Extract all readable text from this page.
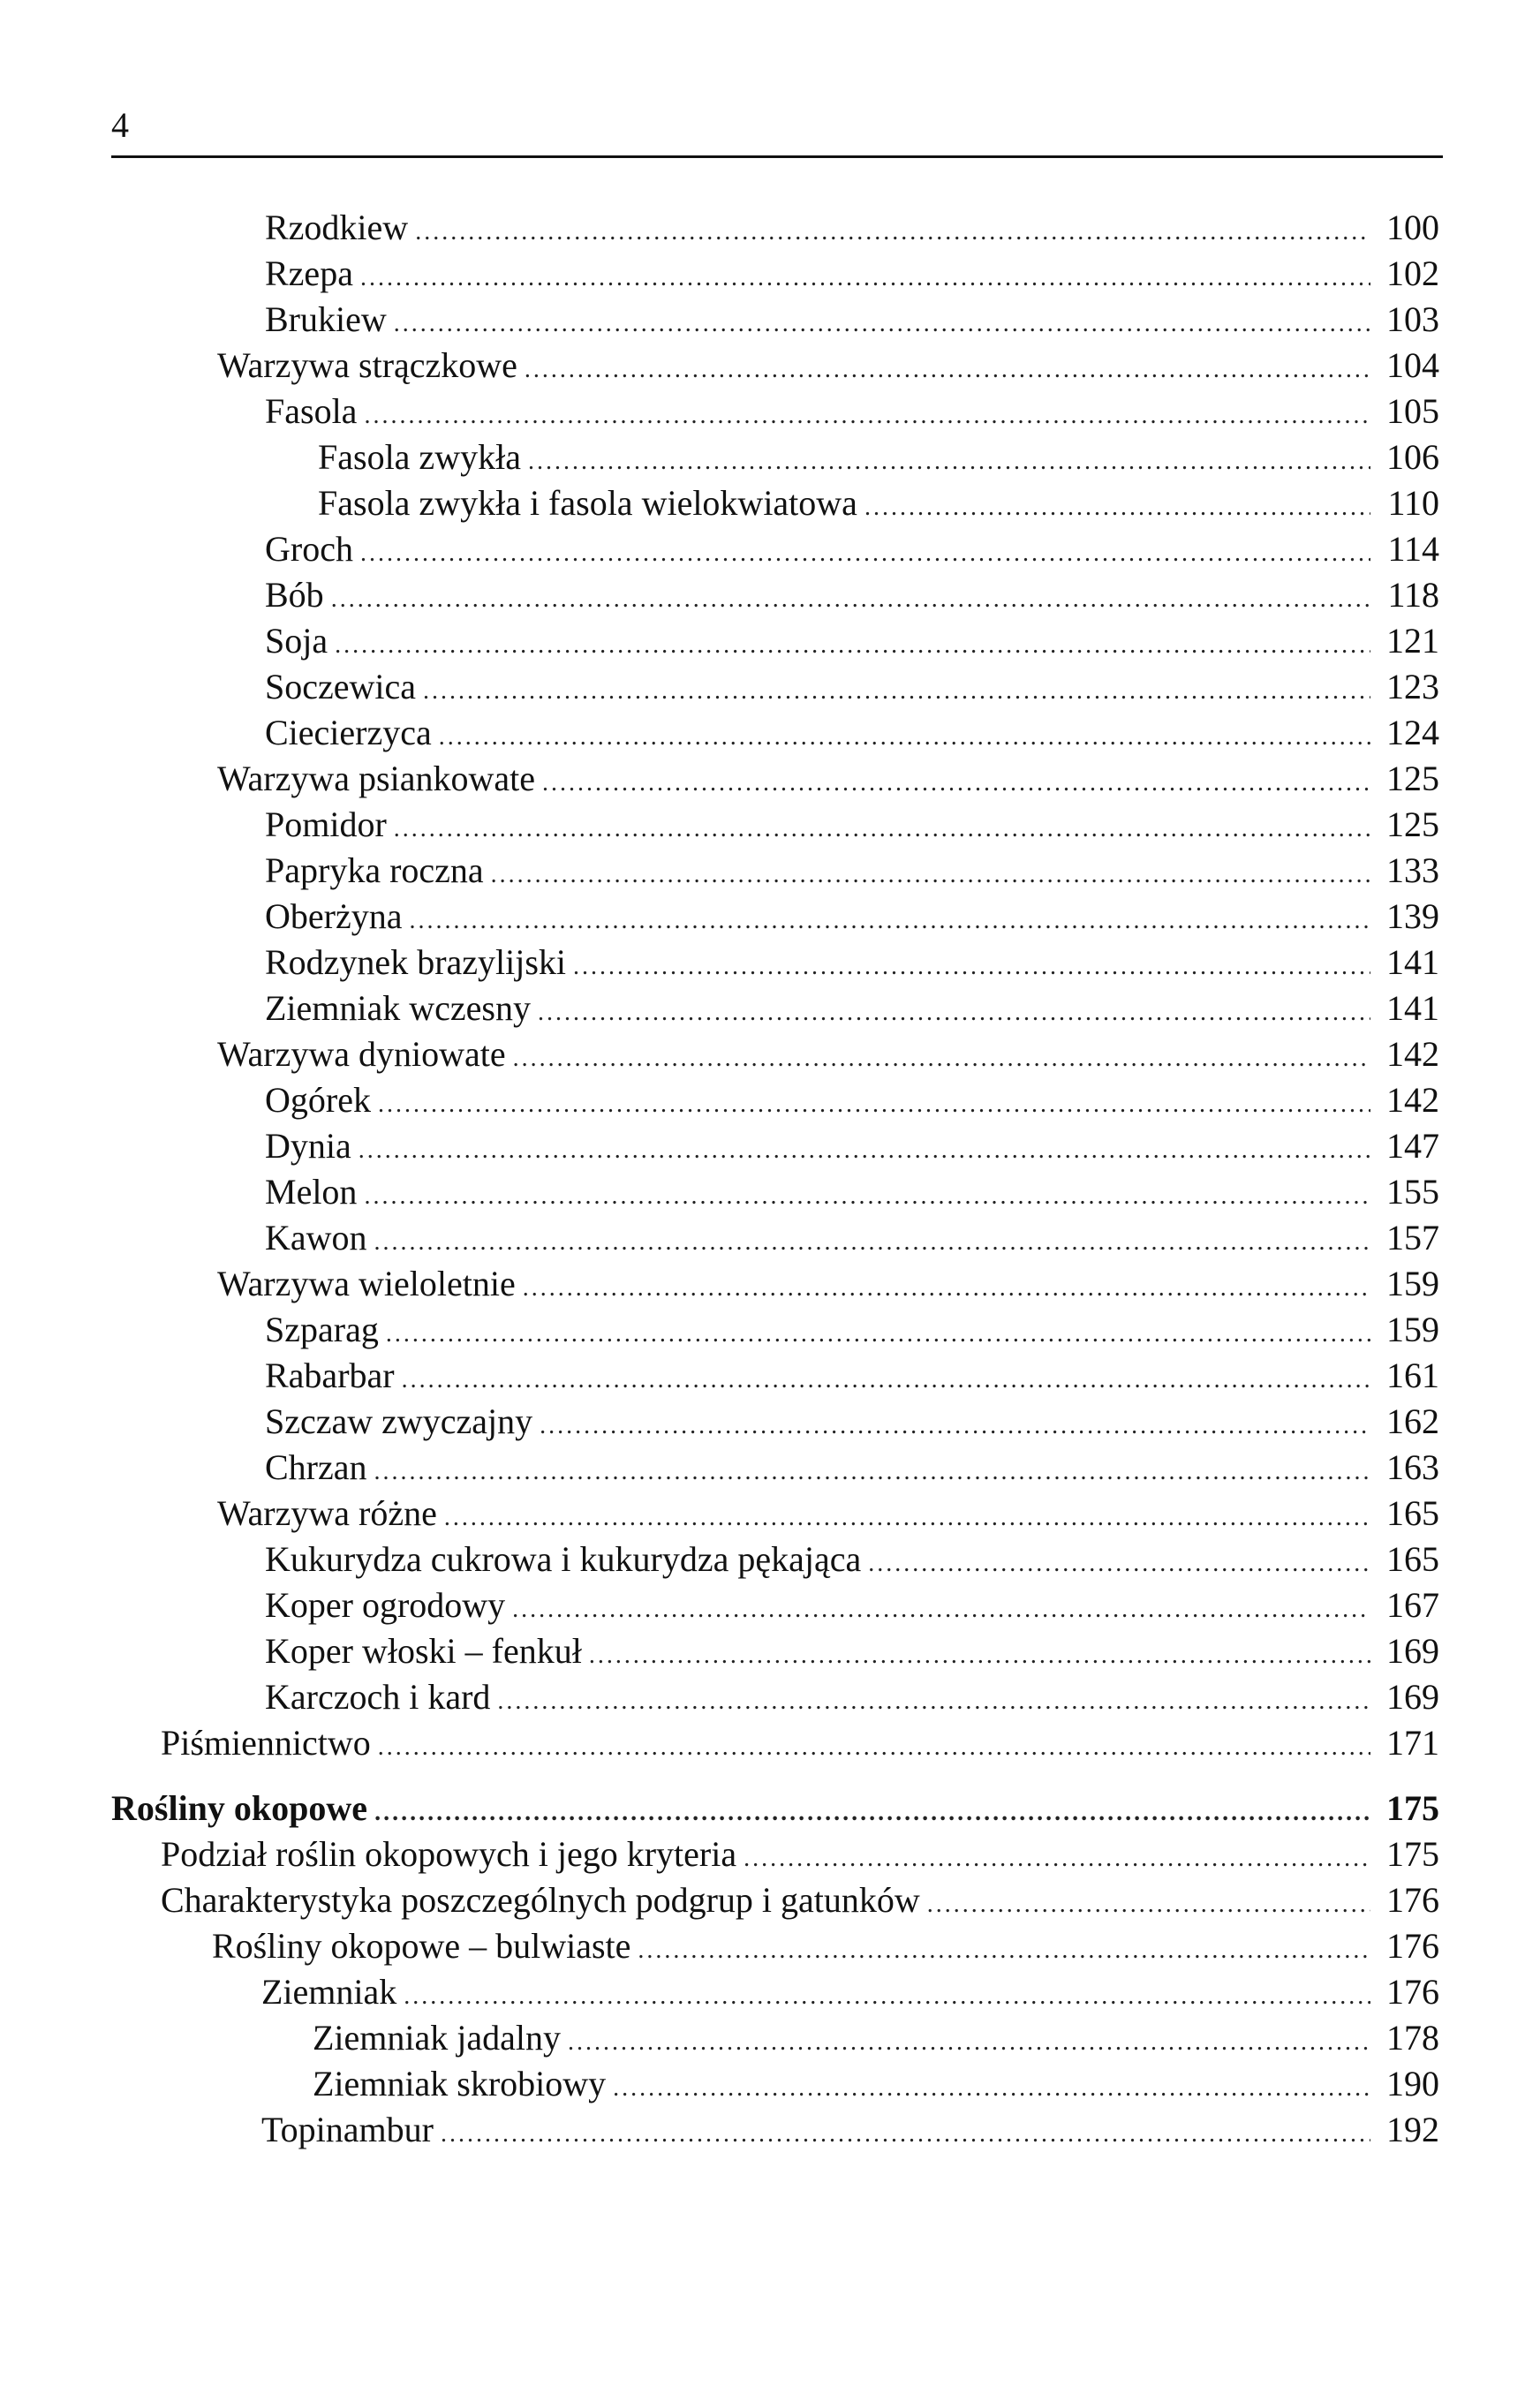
4
Rzodkiew . . .	100
Rzepa . . .	102
Brukiew . . .	103
Warzywa strączkowe . . .	104
Fasola . . .	105
Fasola zwykła . . .	106
Fasola zwykła i fasola wielokwiatowa . . .	110
Groch . . .	114
Bób . . .	118
Soja . . .	121
Soczewica . . .	123
Ciecierzyca . . .	124
Warzywa psiankowate . . .	125
Pomidor . . .	125
Papryka roczna . . .	133
Oberżyna . . .	139
Rodzynek brazylijski . . .	141
Ziemniak wczesny . . .	141
Warzywa dyniowate . . .	142
Ogórek . . .	142
Dynia . . .	147
Melon . . .	155
Kawon . . .	157
Warzywa wieloletnie . . .	159
Szparag . . .	159
Rabarbar . . .	161
Szczaw zwyczajny . . .	162
Chrzan . . .	163
Warzywa różne . . .	165
Kukurydza cukrowa i kukurydza pękająca . . .	165
Koper ogrodowy . . .	167
Koper włoski – fenkuł . . .	169
Karczoch i kard . . .	169
Piśmiennictwo . . .	171
Rośliny okopowe . . .	175
Podział roślin okopowych i jego kryteria . . .	175
Charakterystyka poszczególnych podgrup i gatunków . . .	176
Rośliny okopowe – bulwiaste . . .	176
Ziemniak . . .	176
Ziemniak jadalny . . .	178
Ziemniak skrobiowy . . .	190
Topinambur . . .	192
